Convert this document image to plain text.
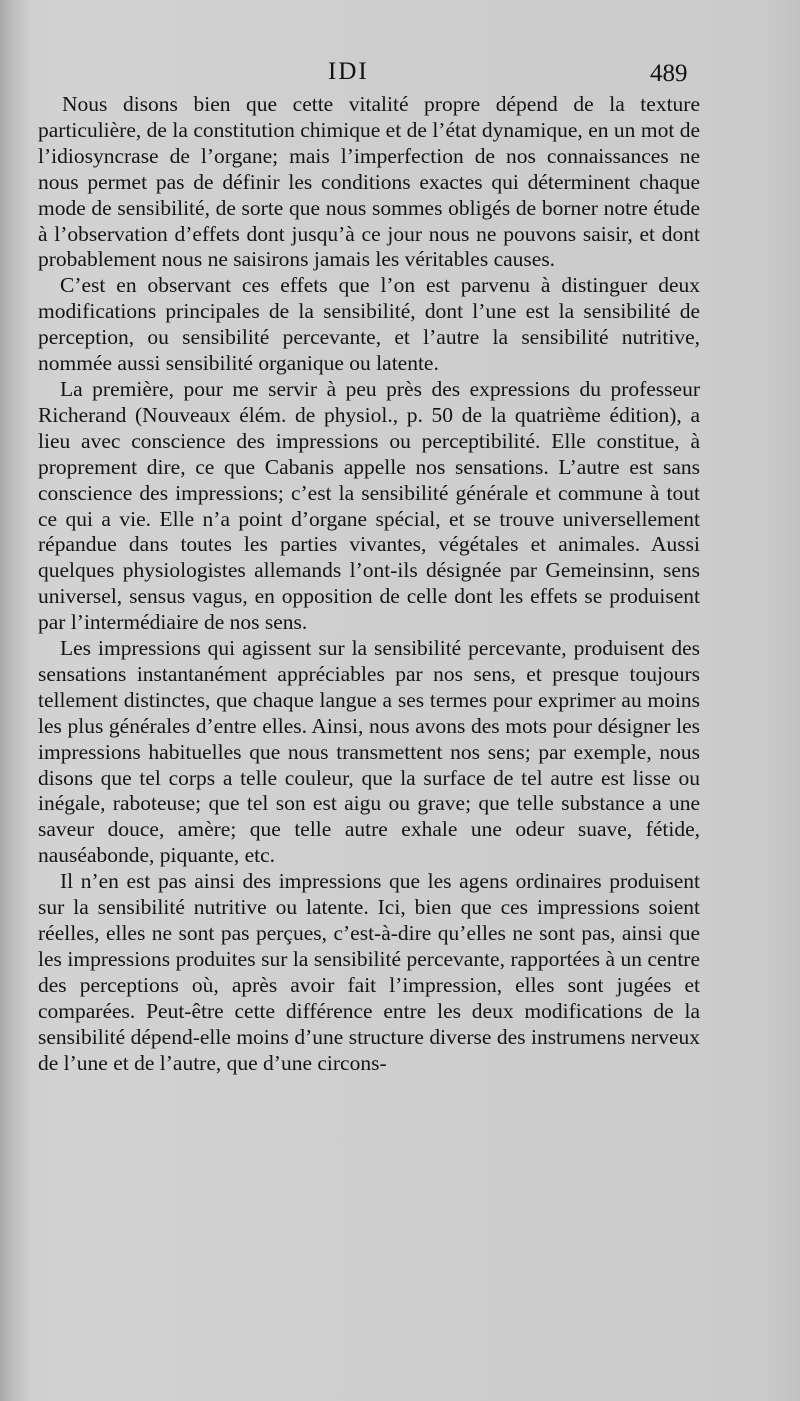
IDI	489

Nous disons bien que cette vitalité propre dépend de la texture particulière, de la constitution chimique et de l’état dynamique, en un mot de l’idiosyncrase de l’organe; mais l’imperfection de nos connaissances ne nous permet pas de définir les conditions exactes qui déterminent chaque mode de sensibilité, de sorte que nous sommes obligés de borner notre étude à l’observation d’effets dont jusqu’à ce jour nous ne pouvons saisir, et dont probablement nous ne saisirons jamais les véritables causes.

C’est en observant ces effets que l’on est parvenu à distinguer deux modifications principales de la sensibilité, dont l’une est la sensibilité de perception, ou sensibilité percevante, et l’autre la sensibilité nutritive, nommée aussi sensibilité organique ou latente.

La première, pour me servir à peu près des expressions du professeur Richerand (Nouveaux élém. de physiol., p. 50 de la quatrième édition), a lieu avec conscience des impressions ou perceptibilité. Elle constitue, à proprement dire, ce que Cabanis appelle nos sensations. L’autre est sans conscience des impressions; c’est la sensibilité générale et commune à tout ce qui a vie. Elle n’a point d’organe spécial, et se trouve universellement répandue dans toutes les parties vivantes, végétales et animales. Aussi quelques physiologistes allemands l’ont-ils désignée par Gemeinsinn, sens universel, sensus vagus, en opposition de celle dont les effets se produisent par l’intermédiaire de nos sens.

Les impressions qui agissent sur la sensibilité percevante, produisent des sensations instantanément appréciables par nos sens, et presque toujours tellement distinctes, que chaque langue a ses termes pour exprimer au moins les plus générales d’entre elles. Ainsi, nous avons des mots pour désigner les impressions habituelles que nous transmettent nos sens; par exemple, nous disons que tel corps a telle couleur, que la surface de tel autre est lisse ou inégale, raboteuse; que tel son est aigu ou grave; que telle substance a une saveur douce, amère; que telle autre exhale une odeur suave, fétide, nauséabonde, piquante, etc.

Il n’en est pas ainsi des impressions que les agens ordinaires produisent sur la sensibilité nutritive ou latente. Ici, bien que ces impressions soient réelles, elles ne sont pas perçues, c’est-à-dire qu’elles ne sont pas, ainsi que les impressions produites sur la sensibilité percevante, rapportées à un centre des perceptions où, après avoir fait l’impression, elles sont jugées et comparées. Peut-être cette différence entre les deux modifications de la sensibilité dépend-elle moins d’une structure diverse des instrumens nerveux de l’une et de l’autre, que d’une circons-
